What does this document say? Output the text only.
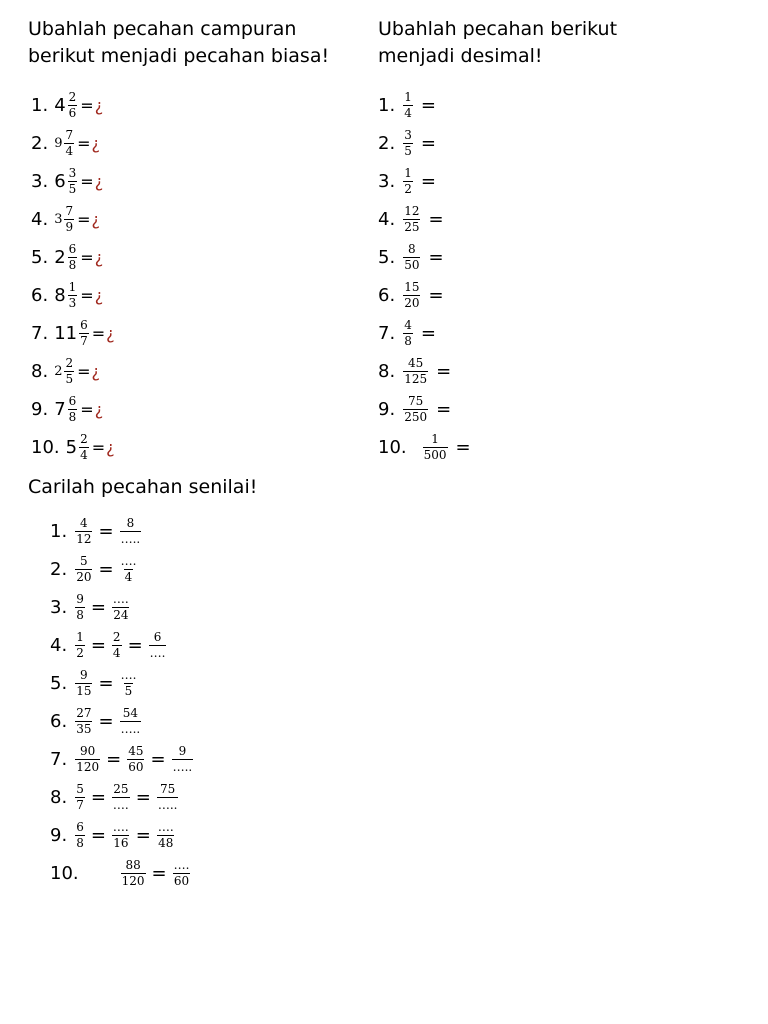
Ubahlah pecahan campuran
berikut menjadi pecahan biasa!
1. $4 \frac{2}{6}$ = ¿
2. $9 \frac{7}{4}$ = ¿
3. $6 \frac{3}{5}$ = ¿
4. $3 \frac{7}{9}$ = ¿
5. $2 \frac{6}{8}$ = ¿
6. $8 \frac{1}{3}$ = ¿
7. $11 \frac{6}{7}$ = ¿
8. $2 \frac{2}{5}$ = ¿
9. $7 \frac{6}{8}$ = ¿
10. $5 \frac{2}{4}$ = ¿
Ubahlah pecahan berikut
menjadi desimal!
1. $\frac{1}{4}$ =
2. $\frac{3}{5}$ =
3. $\frac{1}{2}$ =
4. $\frac{12}{25}$ =
5. $\frac{8}{50}$ =
6. $\frac{15}{20}$ =
7. $\frac{4}{8}$ =
8. $\frac{45}{125}$ =
9. $\frac{75}{250}$ =
10. $\frac{1}{500}$ =
Carilah pecahan senilai!
1. $\frac{4}{12} = \frac{8}{\dots..}$
2. $\frac{5}{20} = \frac{\dots.}{4}$
3. $\frac{9}{8} = \frac{\dots.}{24}$
4. $\frac{1}{2} = \frac{2}{4} = \frac{6}{\dots.}$
5. $\frac{9}{15} = \frac{\dots.}{5}$
6. $\frac{27}{35} = \frac{54}{\dots..}$
7. $\frac{90}{120} = \frac{45}{60} = \frac{9}{\dots..}$
8. $\frac{5}{7} = \frac{25}{\dots.} = \frac{75}{\dots..}$
9. $\frac{6}{8} = \frac{\dots.}{16} = \frac{\dots.}{48}$
10.	$\frac{88}{120} = \frac{\dots.}{60}$
